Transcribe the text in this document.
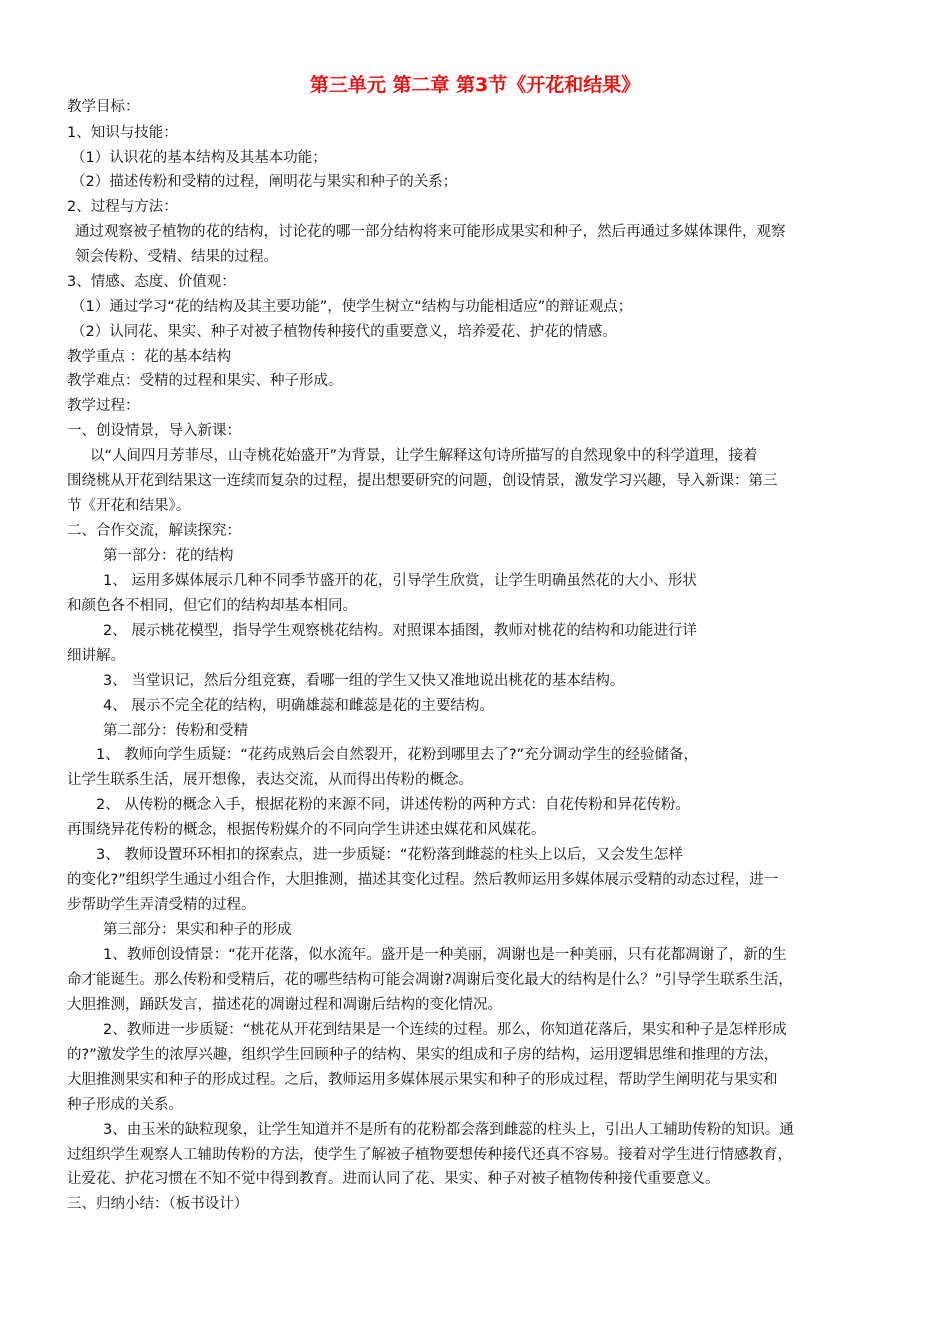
第三单元 第二章 第3节《开花和结果》
教学目标：
1、知识与技能：
（1）认识花的基本结构及其基本功能；
（2）描述传粉和受精的过程，阐明花与果实和种子的关系；
2、过程与方法：
通过观察被子植物的花的结构，讨论花的哪一部分结构将来可能形成果实和种子，然后再通过多媒体课件，观察
领会传粉、受精、结果的过程。
3、情感、态度、价值观：
（1）通过学习“花的结构及其主要功能”，使学生树立“结构与功能相适应”的辩证观点；
（2）认同花、果实、种子对被子植物传种接代的重要意义，培养爱花、护花的情感。
教学重点 ：花的基本结构
教学难点：受精的过程和果实、种子形成。
教学过程：
一、创设情景，导入新课：
以“人间四月芳菲尽，山寺桃花始盛开”为背景，让学生解释这句诗所描写的自然现象中的科学道理，接着
围绕桃从开花到结果这一连续而复杂的过程，提出想要研究的问题，创设情景，激发学习兴趣，导入新课：第三
节《开花和结果》。
二、合作交流，解读探究：
第一部分：花的结构
1、 运用多媒体展示几种不同季节盛开的花，引导学生欣赏，让学生明确虽然花的大小、形状
和颜色各不相同，但它们的结构却基本相同。
2、 展示桃花模型，指导学生观察桃花结构。对照课本插图，教师对桃花的结构和功能进行详
细讲解。
3、 当堂识记，然后分组竞赛，看哪一组的学生又快又准地说出桃花的基本结构。
4、 展示不完全花的结构，明确雄蕊和雌蕊是花的主要结构。
第二部分：传粉和受精
1、 教师向学生质疑：“花药成熟后会自然裂开，花粉到哪里去了?”充分调动学生的经验储备，
让学生联系生活，展开想像，表达交流，从而得出传粉的概念。
2、 从传粉的概念入手，根据花粉的来源不同，讲述传粉的两种方式：自花传粉和异花传粉。
再围绕异花传粉的概念，根据传粉媒介的不同向学生讲述虫媒花和风媒花。
3、 教师设置环环相扣的探索点，进一步质疑：“花粉落到雌蕊的柱头上以后，又会发生怎样
的变化?”组织学生通过小组合作，大胆推测，描述其变化过程。然后教师运用多媒体展示受精的动态过程，进一
步帮助学生弄清受精的过程。
第三部分：果实和种子的形成
1、教师创设情景：“花开花落，似水流年。盛开是一种美丽，凋谢也是一种美丽，只有花都凋谢了，新的生
命才能诞生。那么传粉和受精后，花的哪些结构可能会凋谢?凋谢后变化最大的结构是什么？”引导学生联系生活，
大胆推测，踊跃发言，描述花的凋谢过程和凋谢后结构的变化情况。
2、教师进一步质疑：“桃花从开花到结果是一个连续的过程。那么，你知道花落后，果实和种子是怎样形成
的?”激发学生的浓厚兴趣，组织学生回顾种子的结构、果实的组成和子房的结构，运用逻辑思维和推理的方法，
大胆推测果实和种子的形成过程。之后，教师运用多媒体展示果实和种子的形成过程，帮助学生阐明花与果实和
种子形成的关系。
3、由玉米的缺粒现象，让学生知道并不是所有的花粉都会落到雌蕊的柱头上，引出人工辅助传粉的知识。通
过组织学生观察人工辅助传粉的方法，使学生了解被子植物要想传种接代还真不容易。接着对学生进行情感教育，
让爱花、护花习惯在不知不觉中得到教育。进而认同了花、果实、种子对被子植物传种接代重要意义。
三、归纳小结：（板书设计）
